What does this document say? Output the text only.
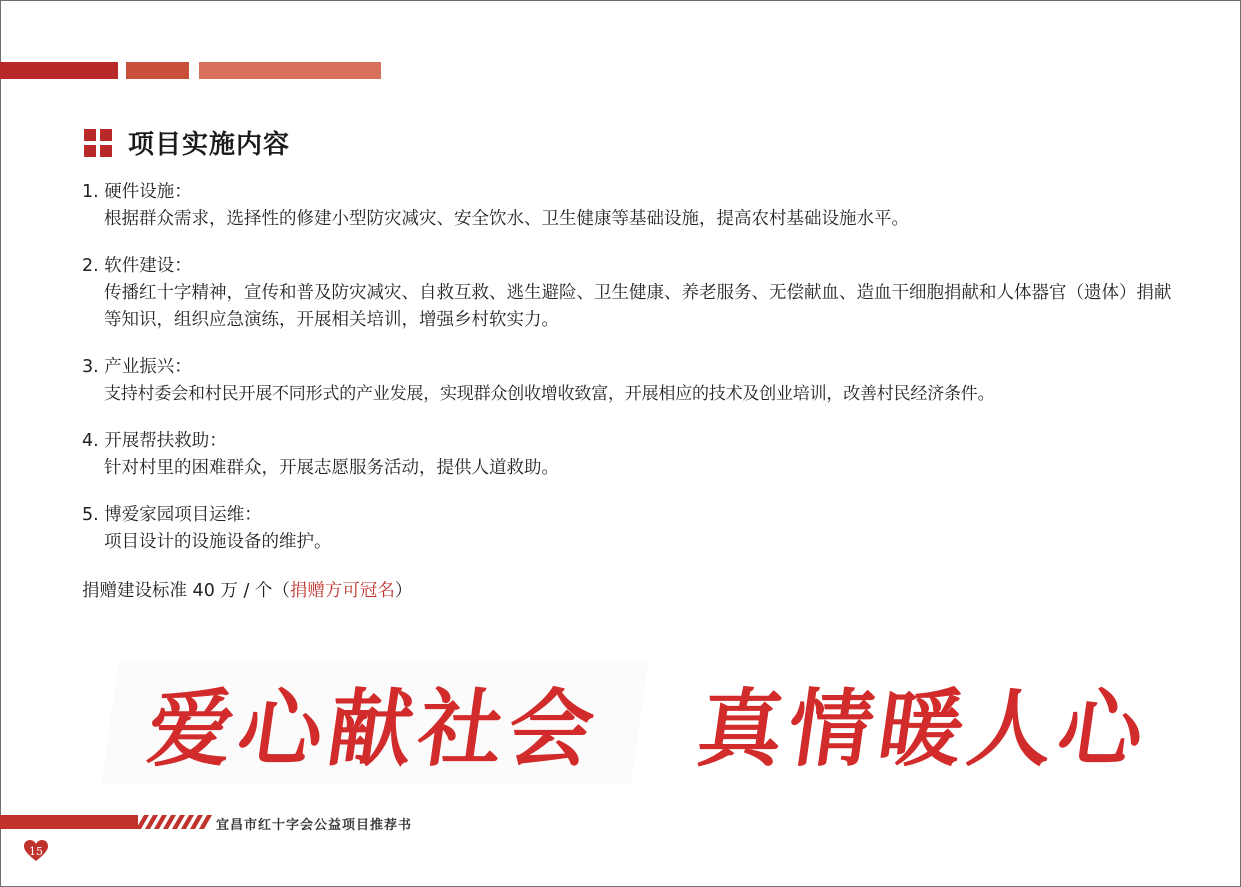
项目实施内容
1. 硬件设施：
根据群众需求，选择性的修建小型防灾减灾、安全饮水、卫生健康等基础设施，提高农村基础设施水平。
2. 软件建设：
传播红十字精神，宣传和普及防灾减灾、自救互救、逃生避险、卫生健康、养老服务、无偿献血、造血干细胞捐献和人体器官（遗体）捐献等知识，组织应急演练，开展相关培训，增强乡村软实力。
3. 产业振兴：
支持村委会和村民开展不同形式的产业发展，实现群众创收增收致富，开展相应的技术及创业培训，改善村民经济条件。
4. 开展帮扶救助：
针对村里的困难群众，开展志愿服务活动，提供人道救助。
5. 博爱家园项目运维：
项目设计的设施设备的维护。
捐赠建设标准 40 万 / 个（捐赠方可冠名）
爱心献社会	真情暖人心
宜昌市红十字会公益项目推荐书
15
